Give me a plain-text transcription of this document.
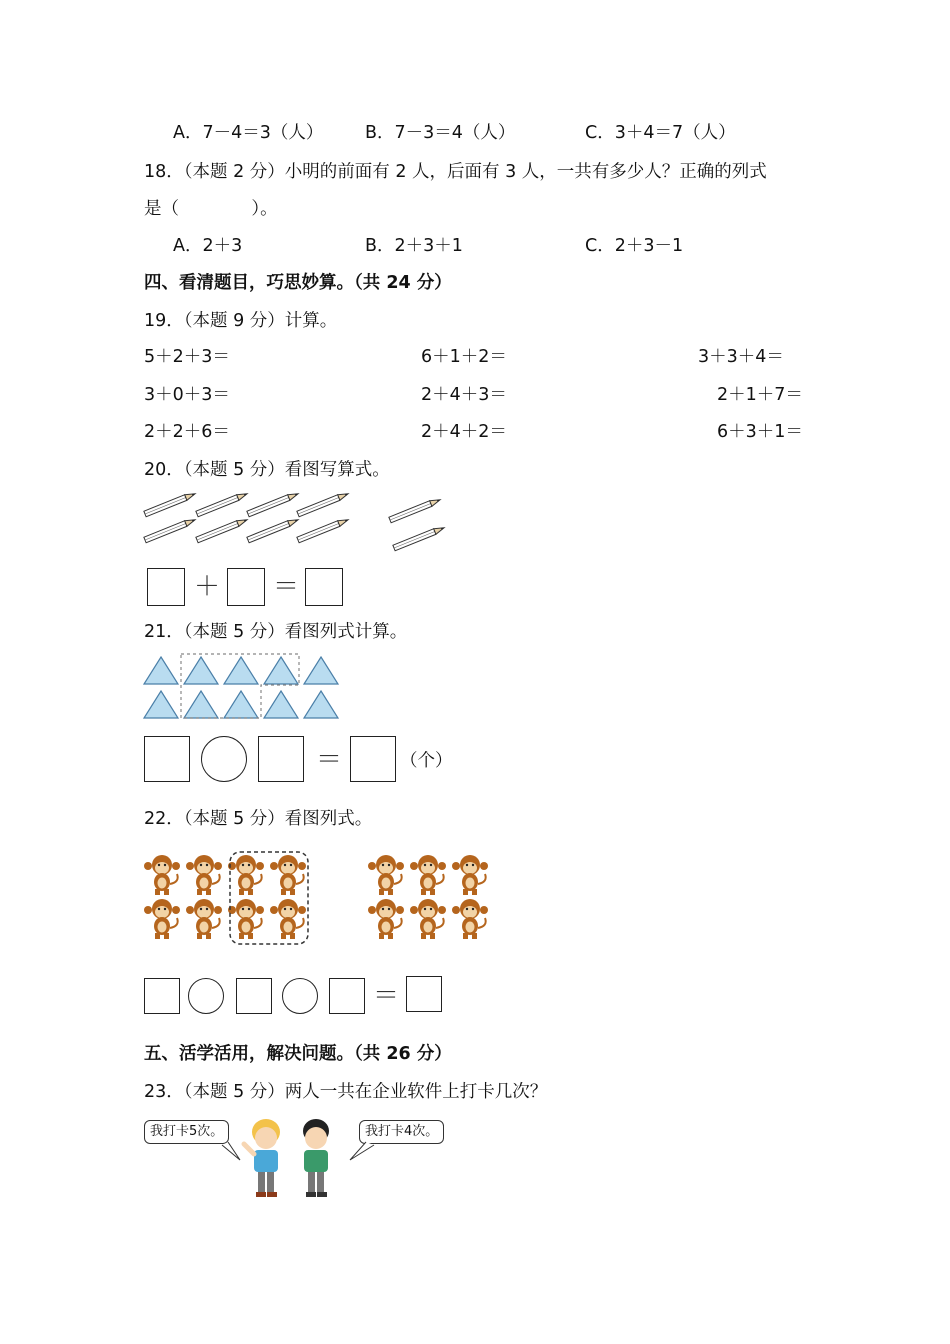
A．7－4＝3（人） B．7－3＝4（人）	C．3＋4＝7（人）
18．（本题 2 分）小明的前面有 2 人，后面有 3 人，一共有多少人？正确的列式
是（             ）。
A．2＋3	B．2＋3＋1	C．2＋3－1
四、看清题目，巧思妙算。（共 24 分）
19．（本题 9 分）计算。
5＋2＋3＝	6＋1＋2＝	3＋3＋4＝
3＋0＋3＝	2＋4＋3＝	2＋1＋7＝
2＋2＋6＝	2＋4＋2＝	6＋3＋1＝
20．（本题 5 分）看图写算式。
＋ ＝
21．（本题 5 分）看图列式计算。
＝	（个）
22．（本题 5 分）看图列式。
＝
五、活学活用，解决问题。（共 26 分）
23．（本题 5 分）两人一共在企业软件上打卡几次？
我打卡5次。	我打卡4次。
